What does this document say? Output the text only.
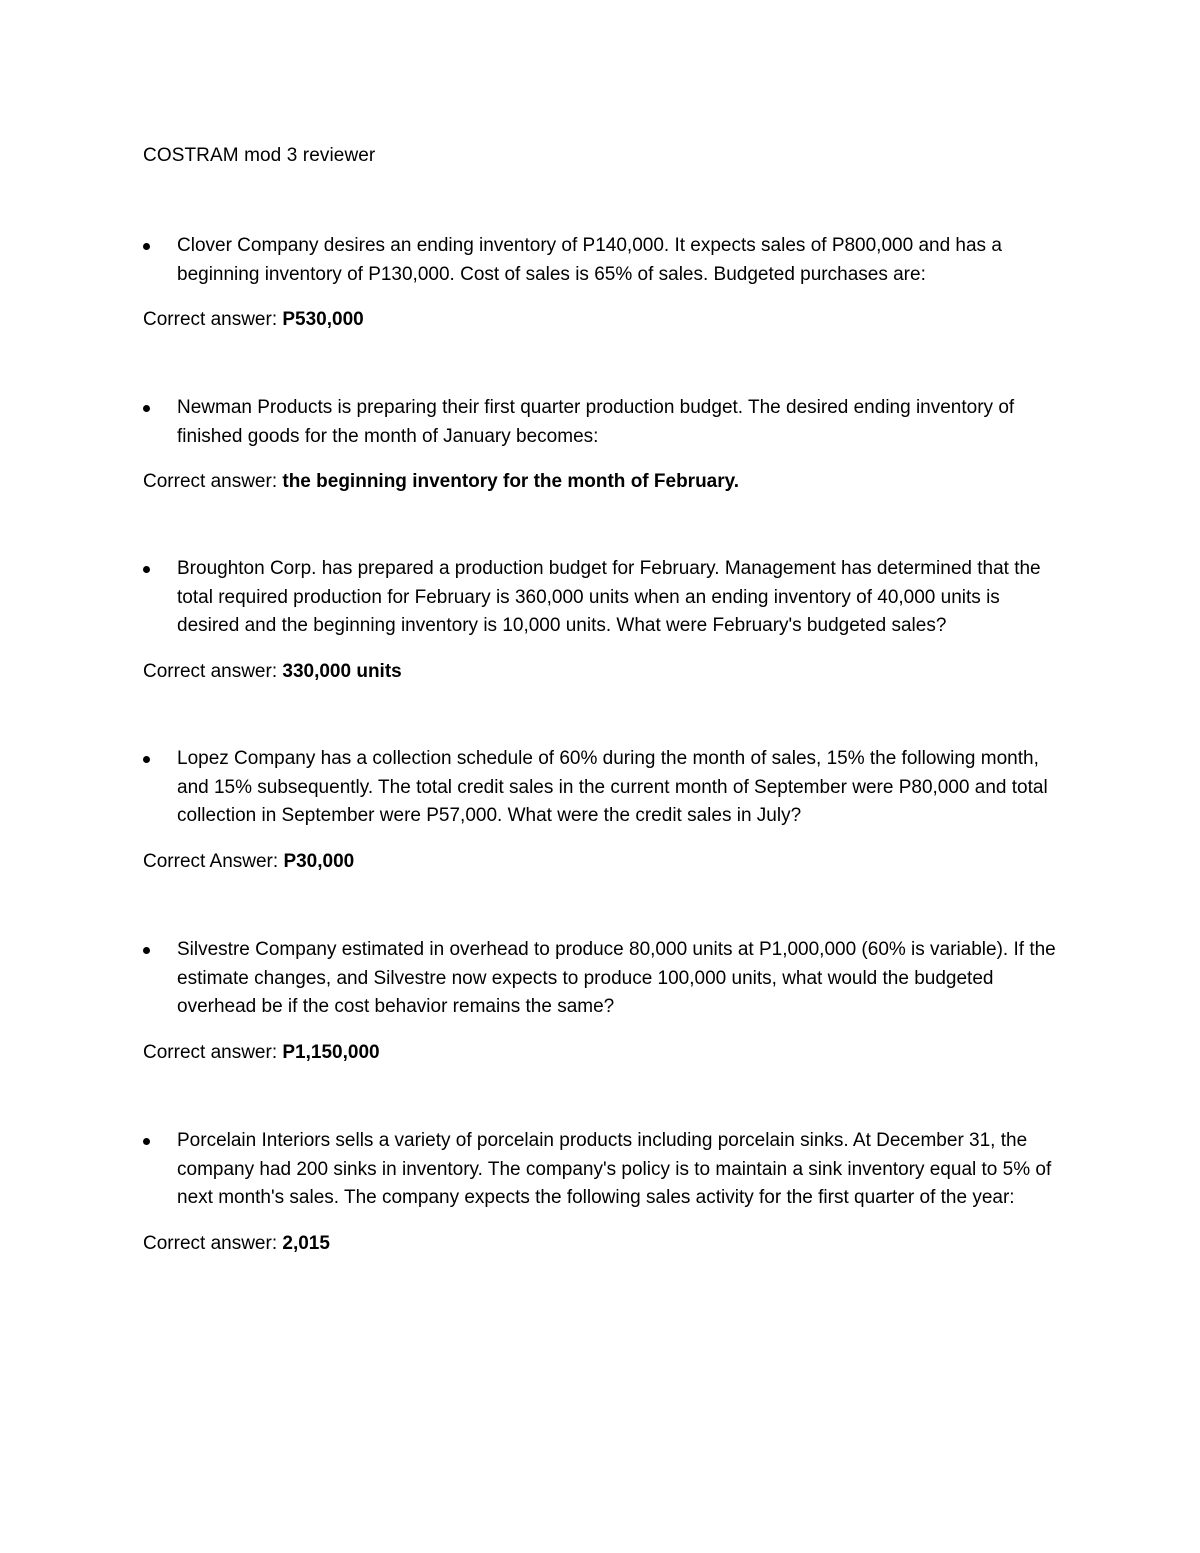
COSTRAM mod 3 reviewer
Clover Company desires an ending inventory of P140,000. It expects sales of P800,000 and has a beginning inventory of P130,000. Cost of sales is 65% of sales. Budgeted purchases are:
Correct answer: P530,000
Newman Products is preparing their first quarter production budget. The desired ending inventory of finished goods for the month of January becomes:
Correct answer: the beginning inventory for the month of February.
Broughton Corp. has prepared a production budget for February. Management has determined that the total required production for February is 360,000 units when an ending inventory of 40,000 units is desired and the beginning inventory is 10,000 units. What were February's budgeted sales?
Correct answer: 330,000 units
Lopez Company has a collection schedule of 60% during the month of sales, 15% the following month, and 15% subsequently. The total credit sales in the current month of September were P80,000 and total collection in September were P57,000. What were the credit sales in July?
Correct Answer: P30,000
Silvestre Company estimated in overhead to produce 80,000 units at P1,000,000 (60% is variable). If the estimate changes, and Silvestre now expects to produce 100,000 units, what would the budgeted overhead be if the cost behavior remains the same?
Correct answer: P1,150,000
Porcelain Interiors sells a variety of porcelain products including porcelain sinks. At December 31, the company had 200 sinks in inventory. The company's policy is to maintain a sink inventory equal to 5% of next month's sales. The company expects the following sales activity for the first quarter of the year:
Correct answer: 2,015
